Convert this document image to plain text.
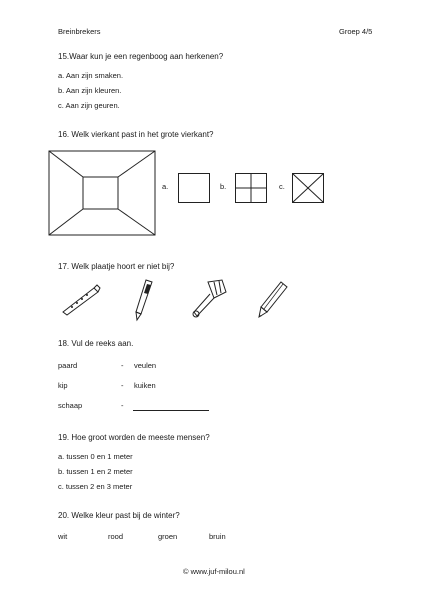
Breinbrekers	Groep 4/5
15.Waar kun je een regenboog aan herkenen?
a. Aan zijn smaken.
b. Aan zijn kleuren.
c. Aan zijn geuren.
16. Welk vierkant past in het grote vierkant?
a.	b.	c.
17. Welk plaatje hoort er niet bij?
18. Vul de reeks aan.
paard	- veulen
kip	- kuiken
schaap	-
19. Hoe groot worden de meeste mensen?
a. tussen 0 en 1 meter
b. tussen 1 en 2 meter
c. tussen 2 en 3 meter
20. Welke kleur past bij de winter?
wit	rood	groen	bruin
© www.juf-milou.nl
